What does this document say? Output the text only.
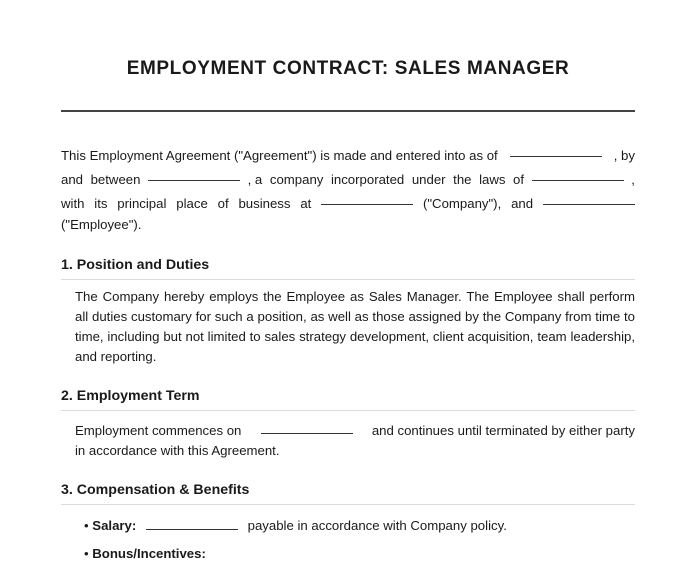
EMPLOYMENT CONTRACT: SALES MANAGER
This Employment Agreement ("Agreement") is made and entered into as of	, by
and between	, a company incorporated under the laws of	,
with its principal place of business at	("Company"), and
("Employee").
1. Position and Duties
The Company hereby employs the Employee as Sales Manager. The Employee shall perform all duties customary for such a position, as well as those assigned by the Company from time to time, including but not limited to sales strategy development, client acquisition, team leadership, and reporting.
2. Employment Term
Employment commences on	and continues until terminated by either party
in accordance with this Agreement.
3. Compensation & Benefits
• Salary:	payable in accordance with Company policy.
• Bonus/Incentives:
